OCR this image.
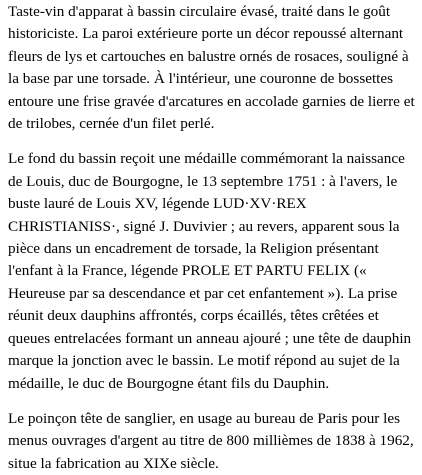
Taste-vin d'apparat à bassin circulaire évasé, traité dans le goût historiciste. La paroi extérieure porte un décor repoussé alternant fleurs de lys et cartouches en balustre ornés de rosaces, souligné à la base par une torsade. À l'intérieur, une couronne de bossettes entoure une frise gravée d'arcatures en accolade garnies de lierre et de trilobes, cernée d'un filet perlé.

Le fond du bassin reçoit une médaille commémorant la naissance de Louis, duc de Bourgogne, le 13 septembre 1751 : à l'avers, le buste lauré de Louis XV, légende LUD·XV·REX CHRISTIANISS·, signé J. Duvivier ; au revers, apparent sous la pièce dans un encadrement de torsade, la Religion présentant l'enfant à la France, légende PROLE ET PARTU FELIX (« Heureuse par sa descendance et par cet enfantement »). La prise réunit deux dauphins affrontés, corps écaillés, têtes crêtées et queues entrelacées formant un anneau ajouré ; une tête de dauphin marque la jonction avec le bassin. Le motif répond au sujet de la médaille, le duc de Bourgogne étant fils du Dauphin.

Le poinçon tête de sanglier, en usage au bureau de Paris pour les menus ouvrages d'argent au titre de 800 millièmes de 1838 à 1962, situe la fabrication au XIXe siècle.
